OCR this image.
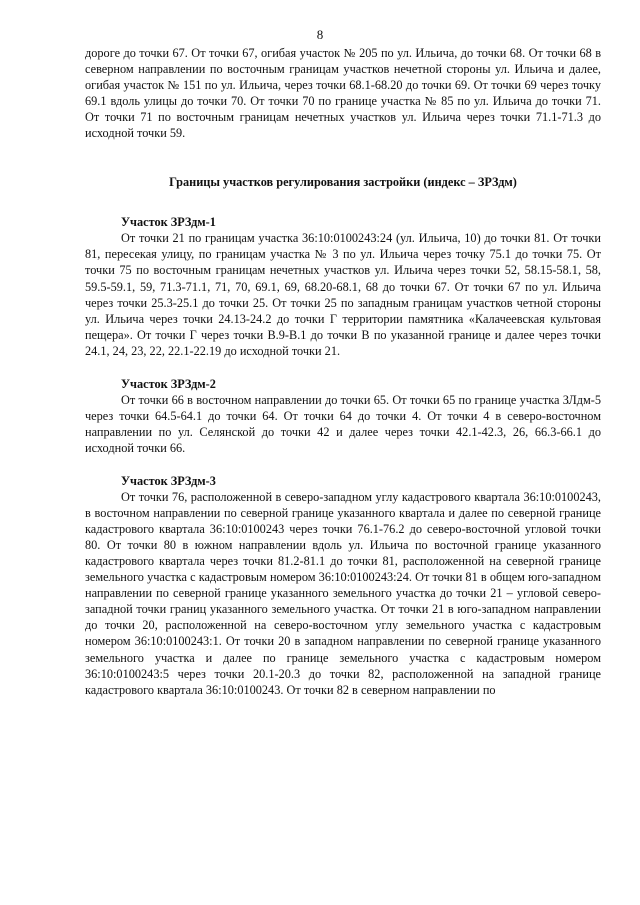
8

дороге до точки 67. От точки 67, огибая участок № 205 по ул. Ильича, до точки 68. От точки 68 в северном направлении по восточным границам участков нечетной стороны ул. Ильича и далее, огибая участок № 151 по ул. Ильича, через точки 68.1-68.20 до точки 69. От точки 69 через точку 69.1 вдоль улицы до точки 70. От точки 70 по границе участка № 85 по ул. Ильича до точки 71. От точки 71 по восточным границам нечетных участков ул. Ильича через точки 71.1-71.3 до исходной точки 59.

Границы участков регулирования застройки (индекс – ЗРЗдм)
Участок ЗРЗдм-1

От точки 21 по границам участка 36:10:0100243:24 (ул. Ильича, 10) до точки 81. От точки 81, пересекая улицу, по границам участка № 3 по ул. Ильича через точку 75.1 до точки 75. От точки 75 по восточным границам нечетных участков ул. Ильича через точки 52, 58.15-58.1, 58, 59.5-59.1, 59, 71.3-71.1, 71, 70, 69.1, 69, 68.20-68.1, 68 до точки 67. От точки 67 по ул. Ильича через точки 25.3-25.1 до точки 25. От точки 25 по западным границам участков четной стороны ул. Ильича через точки 24.13-24.2 до точки Г территории памятника «Калачеевская культовая пещера». От точки Г через точки В.9-В.1 до точки В по указанной границе и далее через точки 24.1, 24, 23, 22, 22.1-22.19 до исходной точки 21.

Участок ЗРЗдм-2

От точки 66 в восточном направлении до точки 65. От точки 65 по границе участка ЗЛдм-5 через точки 64.5-64.1 до точки 64. От точки 64 до точки 4. От точки 4 в северо-восточном направлении по ул. Селянской до точки 42 и далее через точки 42.1-42.3, 26, 66.3-66.1 до исходной точки 66.

Участок ЗРЗдм-3

От точки 76, расположенной в северо-западном углу кадастрового квартала 36:10:0100243, в восточном направлении по северной границе указанного квартала и далее по северной границе кадастрового квартала 36:10:0100243 через точки 76.1-76.2 до северо-восточной угловой точки 80. От точки 80 в южном направлении вдоль ул. Ильича по восточной границе указанного кадастрового квартала через точки 81.2-81.1 до точки 81, расположенной на северной границе земельного участка с кадастровым номером 36:10:0100243:24. От точки 81 в общем юго-западном направлении по северной границе указанного земельного участка до точки 21 – угловой северо-западной точки границ указанного земельного участка. От точки 21 в юго-западном направлении до точки 20, расположенной на северо-восточном углу земельного участка с кадастровым номером 36:10:0100243:1. От точки 20 в западном направлении по северной границе указанного земельного участка и далее по границе земельного участка с кадастровым номером 36:10:0100243:5 через точки 20.1-20.3 до точки 82, расположенной на западной границе кадастрового квартала 36:10:0100243. От точки 82 в северном направлении по
